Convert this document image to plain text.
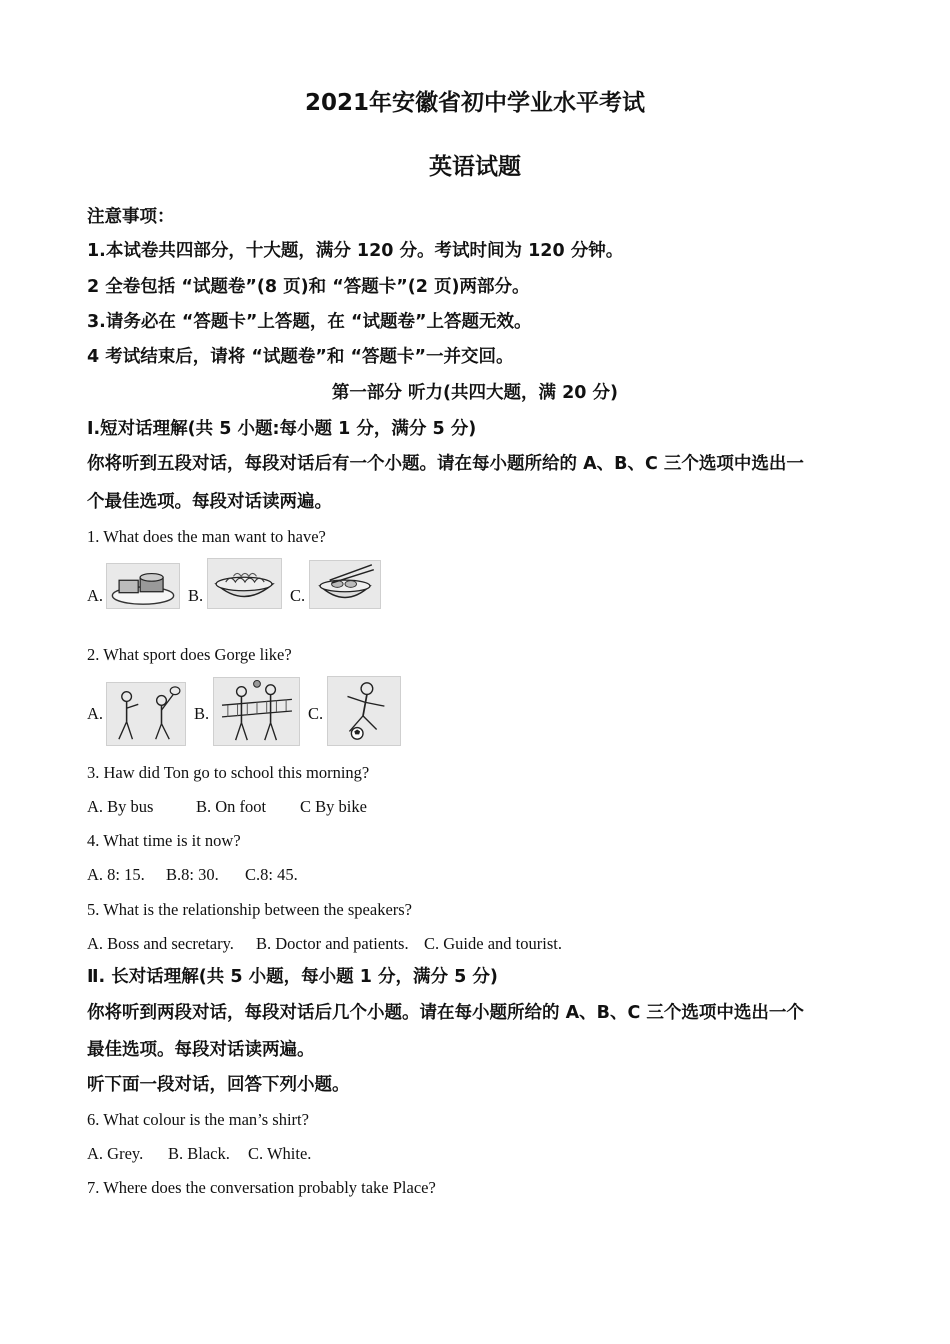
2021年安徽省初中学业水平考试
英语试题
注意事项：
1.本试卷共四部分，十大题，满分 120 分。考试时间为 120 分钟。
2 全卷包括 “试题卷”(8 页)和 “答题卡”(2 页)两部分。
3.请务必在 “答题卡”上答题，在 “试题卷”上答题无效。
4 考试结束后，请将 “试题卷”和 “答题卡”一并交回。
第一部分 听力(共四大题，满 20 分)
Ⅰ.短对话理解(共 5 小题:每小题 1 分，满分 5 分)
你将听到五段对话，每段对话后有一个小题。请在每小题所给的 A、B、C 三个选项中选出一
个最佳选项。每段对话读两遍。
1. What does the man want to have?
A.	B.	C.
2. What sport does Gorge like?
A.	B.	C.
3. Haw did Ton go to school this morning?
A. By bus	B. On foot C By bike
4. What time is it now?
A. 8: 15. B.8: 30. C.8: 45.
5. What is the relationship between the speakers?
A. Boss and secretary. B. Doctor and patients. C. Guide and tourist.
Ⅱ. 长对话理解(共 5 小题，每小题 1 分，满分 5 分)
你将听到两段对话，每段对话后几个小题。请在每小题所给的 A、B、C 三个选项中选出一个
最佳选项。每段对话读两遍。
听下面一段对话，回答下列小题。
6. What colour is the man’s shirt?
A. Grey. B. Black. C. White.
7. Where does the conversation probably take Place?
